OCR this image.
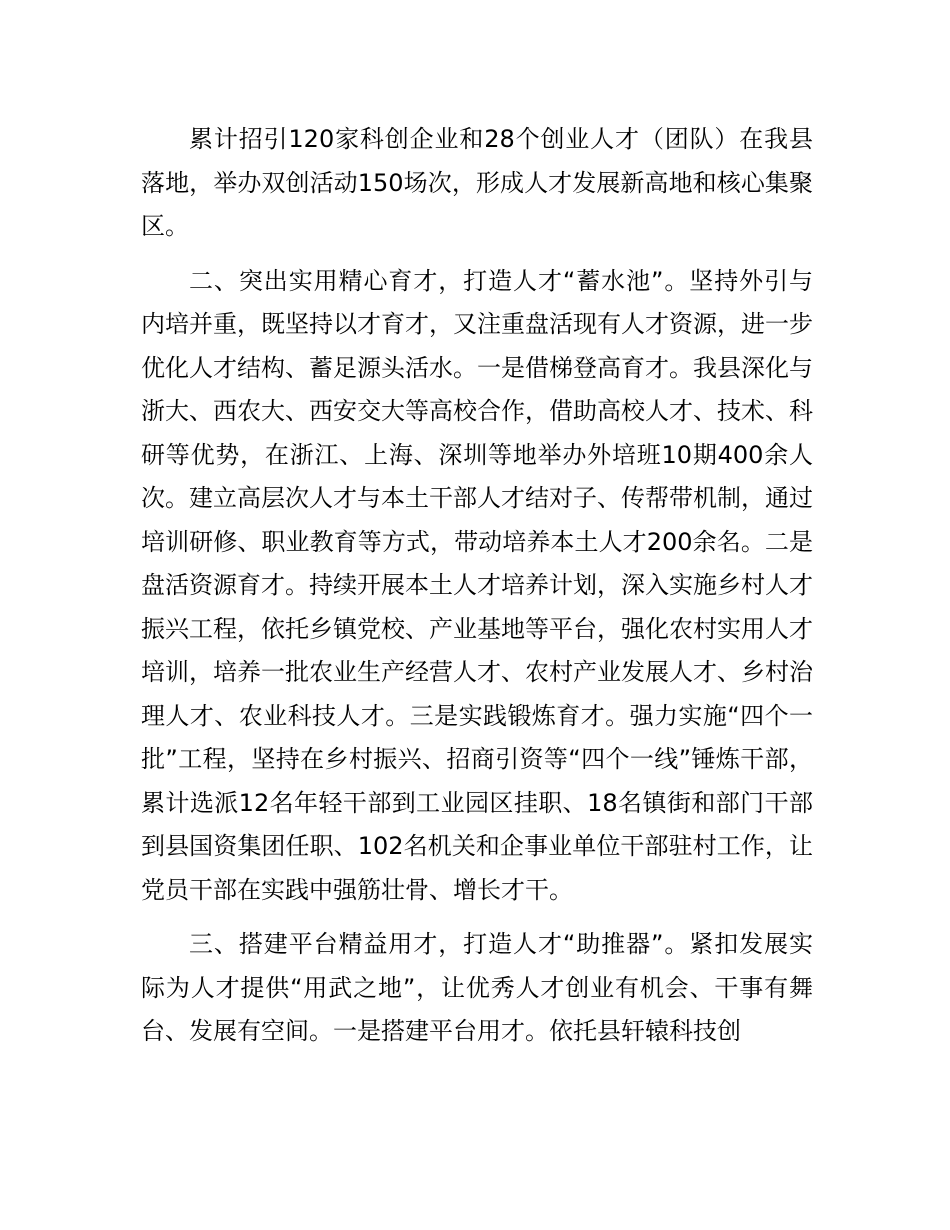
累计招引120家科创企业和28个创业人才（团队）在我县落地，举办双创活动150场次，形成人才发展新高地和核心集聚区。

二、突出实用精心育才，打造人才“蓄水池”。坚持外引与内培并重，既坚持以才育才，又注重盘活现有人才资源，进一步优化人才结构、蓄足源头活水。一是借梯登高育才。我县深化与浙大、西农大、西安交大等高校合作，借助高校人才、技术、科研等优势，在浙江、上海、深圳等地举办外培班10期400余人次。建立高层次人才与本土干部人才结对子、传帮带机制，通过培训研修、职业教育等方式，带动培养本土人才200余名。二是盘活资源育才。持续开展本土人才培养计划，深入实施乡村人才振兴工程，依托乡镇党校、产业基地等平台，强化农村实用人才培训，培养一批农业生产经营人才、农村产业发展人才、乡村治理人才、农业科技人才。三是实践锻炼育才。强力实施“四个一批”工程，坚持在乡村振兴、招商引资等“四个一线”锤炼干部，累计选派12名年轻干部到工业园区挂职、18名镇街和部门干部到县国资集团任职、102名机关和企事业单位干部驻村工作，让党员干部在实践中强筋壮骨、增长才干。

三、搭建平台精益用才，打造人才“助推器”。紧扣发展实际为人才提供“用武之地”，让优秀人才创业有机会、干事有舞台、发展有空间。一是搭建平台用才。依托县轩辕科技创
